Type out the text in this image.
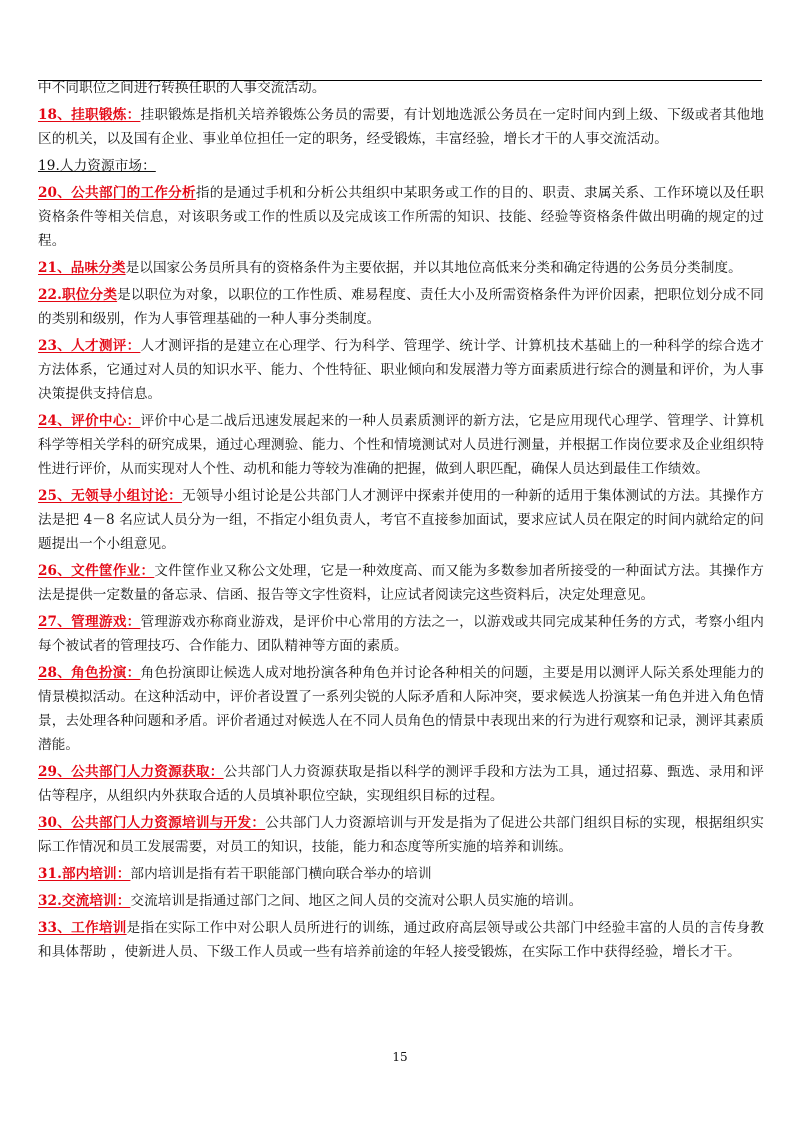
中不同职位之间进行转换任职的人事交流活动。

18、挂职锻炼：挂职锻炼是指机关培养锻炼公务员的需要，有计划地选派公务员在一定时间内到上级、下级或者其他地区的机关，以及国有企业、事业单位担任一定的职务，经受锻炼，丰富经验，增长才干的人事交流活动。

19.人力资源市场：

20、公共部门的工作分析指的是通过手机和分析公共组织中某职务或工作的目的、职责、隶属关系、工作环境以及任职资格条件等相关信息，对该职务或工作的性质以及完成该工作所需的知识、技能、经验等资格条件做出明确的规定的过程。

21、品味分类是以国家公务员所具有的资格条件为主要依据，并以其地位高低来分类和确定待遇的公务员分类制度。

22.职位分类是以职位为对象，以职位的工作性质、难易程度、责任大小及所需资格条件为评价因素，把职位划分成不同的类别和级别，作为人事管理基础的一种人事分类制度。

23、人才测评：人才测评指的是建立在心理学、行为科学、管理学、统计学、计算机技术基础上的一种科学的综合选才方法体系，它通过对人员的知识水平、能力、个性特征、职业倾向和发展潜力等方面素质进行综合的测量和评价，为人事决策提供支持信息。

24、评价中心：评价中心是二战后迅速发展起来的一种人员素质测评的新方法，它是应用现代心理学、管理学、计算机科学等相关学科的研究成果，通过心理测验、能力、个性和情境测试对人员进行测量，并根据工作岗位要求及企业组织特性进行评价，从而实现对人个性、动机和能力等较为准确的把握，做到人职匹配，确保人员达到最佳工作绩效。

25、无领导小组讨论：无领导小组讨论是公共部门人才测评中探索并使用的一种新的适用于集体测试的方法。其操作方法是把 4－8 名应试人员分为一组，不指定小组负责人，考官不直接参加面试，要求应试人员在限定的时间内就给定的问题提出一个小组意见。

26、文件筐作业：文件筐作业又称公文处理，它是一种效度高、而又能为多数参加者所接受的一种面试方法。其操作方法是提供一定数量的备忘录、信函、报告等文字性资料，让应试者阅读完这些资料后，决定处理意见。

27、管理游戏：管理游戏亦称商业游戏，是评价中心常用的方法之一，以游戏或共同完成某种任务的方式，考察小组内每个被试者的管理技巧、合作能力、团队精神等方面的素质。

28、角色扮演：角色扮演即让候选人成对地扮演各种角色并讨论各种相关的问题，主要是用以测评人际关系处理能力的情景模拟活动。在这种活动中，评价者设置了一系列尖锐的人际矛盾和人际冲突，要求候选人扮演某一角色并进入角色情景，去处理各种问题和矛盾。评价者通过对候选人在不同人员角色的情景中表现出来的行为进行观察和记录，测评其素质潜能。

29、公共部门人力资源获取：公共部门人力资源获取是指以科学的测评手段和方法为工具，通过招募、甄选、录用和评估等程序，从组织内外获取合适的人员填补职位空缺，实现组织目标的过程。

30、公共部门人力资源培训与开发：公共部门人力资源培训与开发是指为了促进公共部门组织目标的实现，根据组织实际工作情况和员工发展需要，对员工的知识，技能，能力和态度等所实施的培养和训练。

31.部内培训：部内培训是指有若干职能部门横向联合举办的培训

32.交流培训：交流培训是指通过部门之间、地区之间人员的交流对公职人员实施的培训。

33、工作培训是指在实际工作中对公职人员所进行的训练，通过政府高层领导或公共部门中经验丰富的人员的言传身教和具体帮助 ，使新进人员、下级工作人员或一些有培养前途的年轻人接受锻炼，在实际工作中获得经验，增长才干。

15
